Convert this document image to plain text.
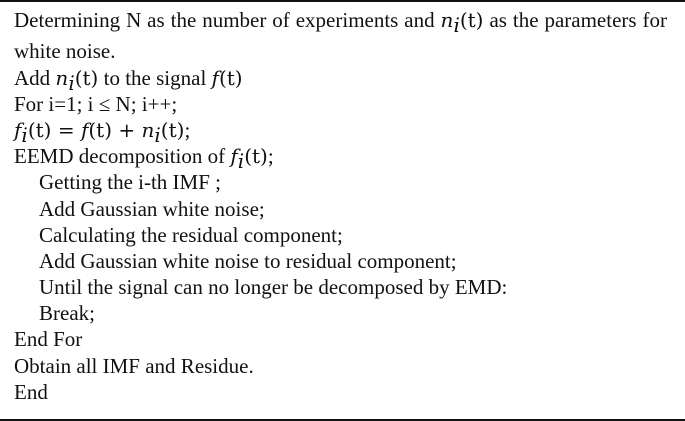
Determining N as the number of experiments and $n_i(t)$ as the parameters for white noise.
Add $n_i(t)$ to the signal f(t)
For i=1; i ≤ N; i++;
$f_i(t) = f(t) + n_i(t)$;
EEMD decomposition of $f_i(t)$;
Getting the i-th IMF ;
Add Gaussian white noise;
Calculating the residual component;
Add Gaussian white noise to residual component;
Until the signal can no longer be decomposed by EMD:
Break;
End For
Obtain all IMF and Residue.
End
